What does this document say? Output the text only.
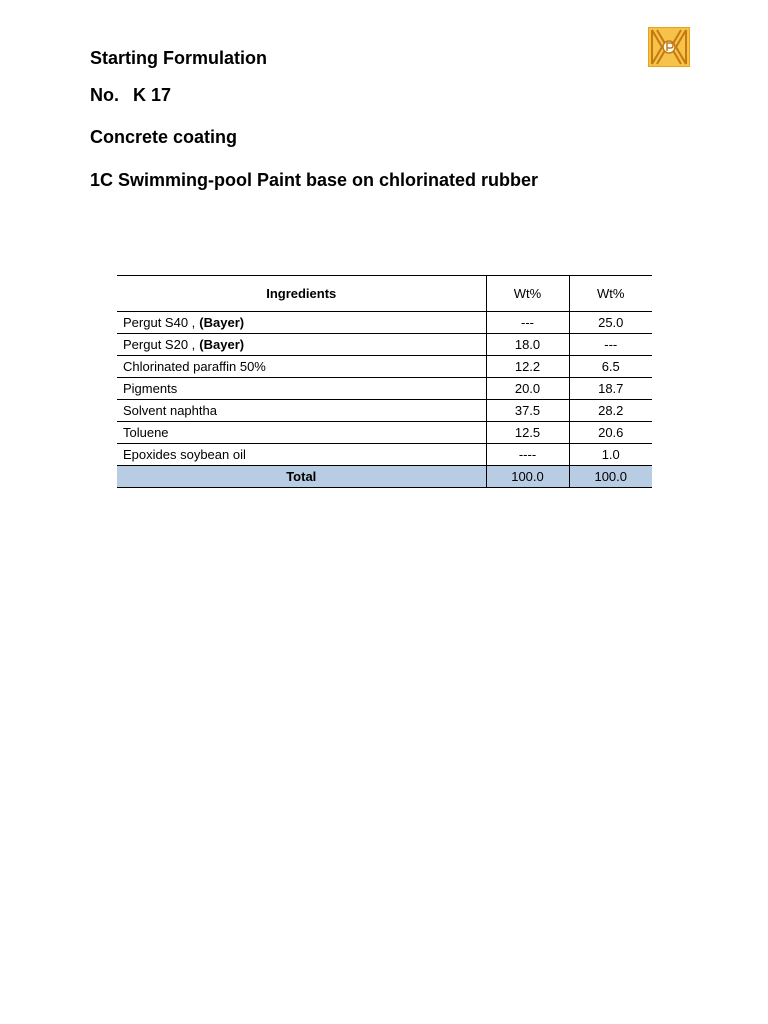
Starting Formulation
No. K 17
Concrete coating
1C Swimming-pool Paint base on chlorinated rubber
Ingredients	Wt%	Wt%
Pergut S40 , (Bayer)	---	25.0
Pergut S20 , (Bayer)	18.0	---
Chlorinated paraffin 50%	12.2	6.5
Pigments	20.0	18.7
Solvent naphtha	37.5	28.2
Toluene	12.5	20.6
Epoxides soybean oil	----	1.0
Total	100.0	100.0
